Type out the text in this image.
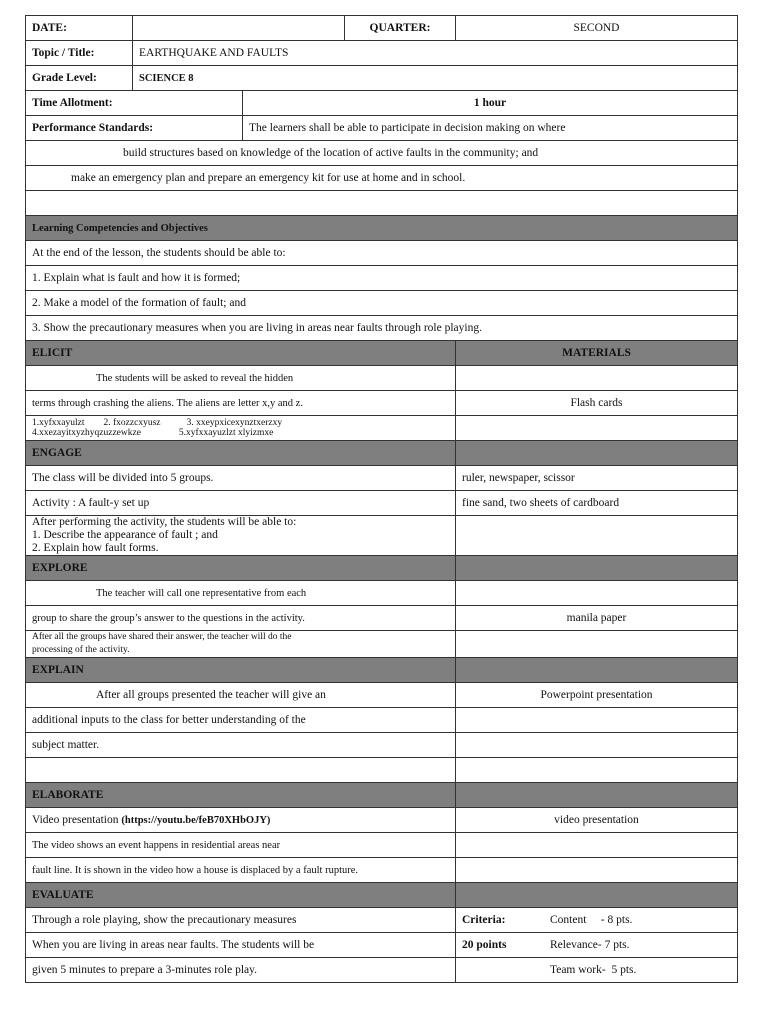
DATE:			QUARTER:	SECOND
Topic / Title:	EARTHQUAKE AND FAULTS			
Grade Level:	SCIENCE 8			
Time Allotment:		1 hour		
Performance Standards:		The learners shall be able to participate in decision making on where		
build structures based on knowledge of the location of active faults in the community; and				
make an emergency plan and prepare an emergency kit for use at home and in school.				

Learning Competencies and Objectives				
At the end of the lesson, the students should be able to:				
1. Explain what is fault and how it is formed;				
2. Make a model of the formation of fault; and				
3. Show the precautionary measures when you are living in areas near faults through role playing.				
ELICIT				MATERIALS
The students will be asked to reveal the hidden				
terms through crashing the aliens. The aliens are letter x,y and z.				Flash cards

1.xyfxxayulzt        2. fxozzcxyusz           3. xxeypxicexynztxerzxy
4.xxezayitxyzhyqzuzzewkze                5.xyfxxayuzlzt xlyizmxe				

ENGAGE				
The class will be divided into 5 groups.				ruler, newspaper, scissor
Activity : A fault-y set up				fine sand, two sheets of cardboard

After performing the activity, the students will be able to:
1. Describe the appearance of fault ; and
2. Explain how fault forms.				

EXPLORE				
The teacher will call one representative from each				
group to share the group’s answer to the questions in the activity.				manila paper

After all the groups have shared their answer, the teacher will do the
processing of the activity.				

EXPLAIN				
After all groups presented the teacher will give an				Powerpoint presentation
additional inputs to the class for better understanding of the				
subject matter.				

ELABORATE				
Video presentation (https://youtu.be/feB70XHbOJY)				video presentation
The video shows an event happens in residential areas near				
fault line. It is shown in the video how a house is displaced by a fault rupture.				
EVALUATE				
Through a role playing, show the precautionary measures				Criteria: Content     - 8 pts.
When you are living in areas near faults. The students will be				20 points Relevance- 7 pts.
given 5 minutes to prepare a 3-minutes role play.				Team work-  5 pts.
